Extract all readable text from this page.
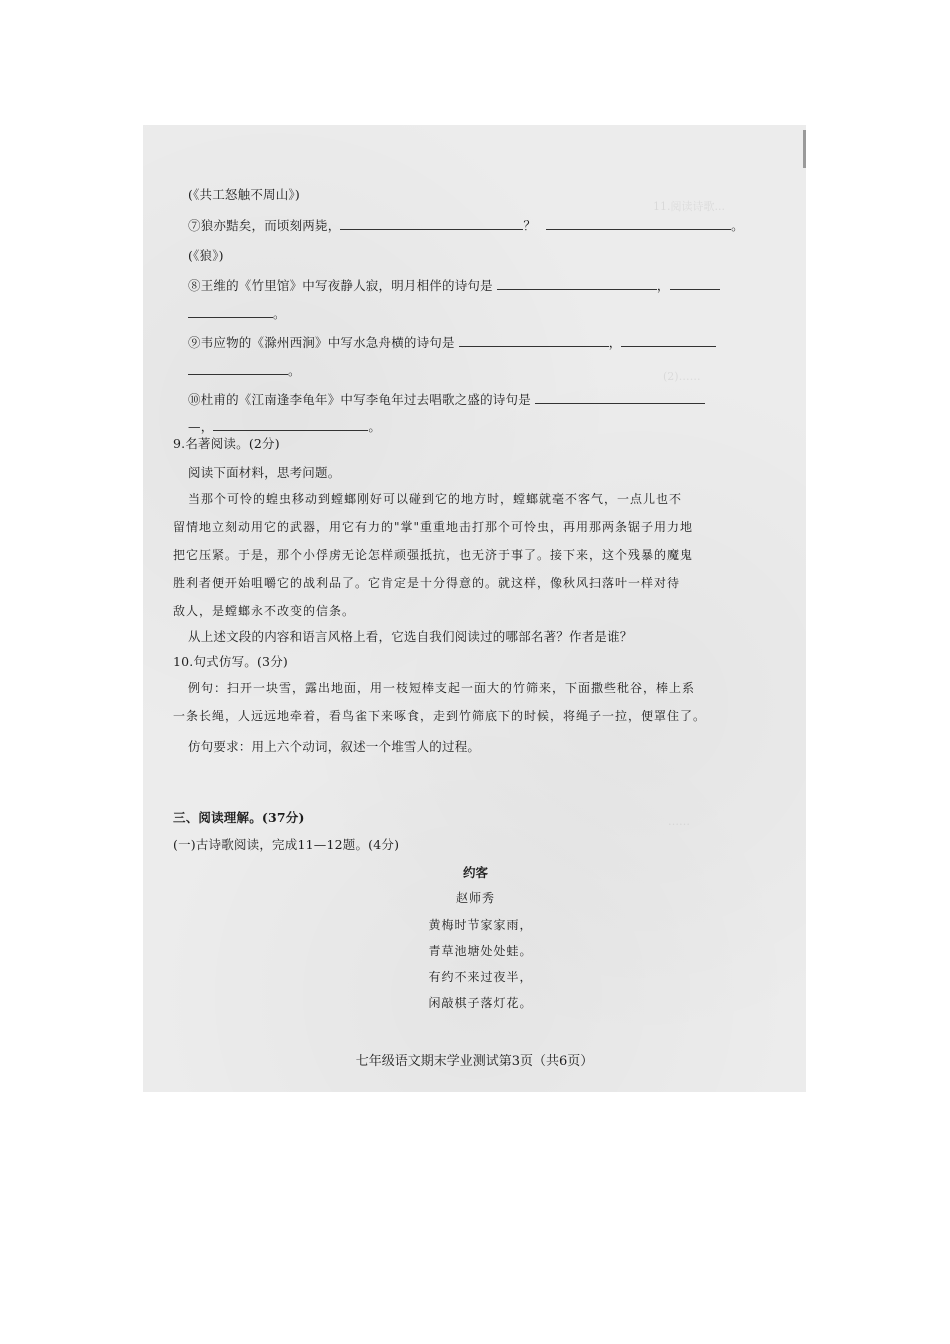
11.阅读诗歌...
(2)……
……
(《共工怒触不周山》)
⑦狼亦黠矣，而顷刻两毙，	？	。
(《狼》)
⑧王维的《竹里馆》中写夜静人寂，明月相伴的诗句是	，
。
⑨韦应物的《滁州西涧》中写水急舟横的诗句是	，
。
⑩杜甫的《江南逢李龟年》中写李龟年过去唱歌之盛的诗句是
—，	。
9.名著阅读。(2分)
阅读下面材料，思考问题。
当那个可怜的蝗虫移动到螳螂刚好可以碰到它的地方时，螳螂就毫不客气，一点儿也不
留情地立刻动用它的武器，用它有力的"掌"重重地击打那个可怜虫，再用那两条锯子用力地
把它压紧。于是，那个小俘虏无论怎样顽强抵抗，也无济于事了。接下来，这个残暴的魔鬼
胜利者便开始咀嚼它的战利品了。它肯定是十分得意的。就这样，像秋风扫落叶一样对待
敌人，是螳螂永不改变的信条。
从上述文段的内容和语言风格上看，它选自我们阅读过的哪部名著？作者是谁？
10.句式仿写。(3分)
例句：扫开一块雪，露出地面，用一枝短棒支起一面大的竹筛来，下面撒些秕谷，棒上系
一条长绳，人远远地牵着，看鸟雀下来啄食，走到竹筛底下的时候，将绳子一拉，便罩住了。
仿句要求：用上六个动词，叙述一个堆雪人的过程。
三、阅读理解。(37分)
(一)古诗歌阅读，完成11—12题。(4分)
约客
赵师秀
黄梅时节家家雨，
青草池塘处处蛙。
有约不来过夜半，
闲敲棋子落灯花。
七年级语文期末学业测试第3页（共6页）
